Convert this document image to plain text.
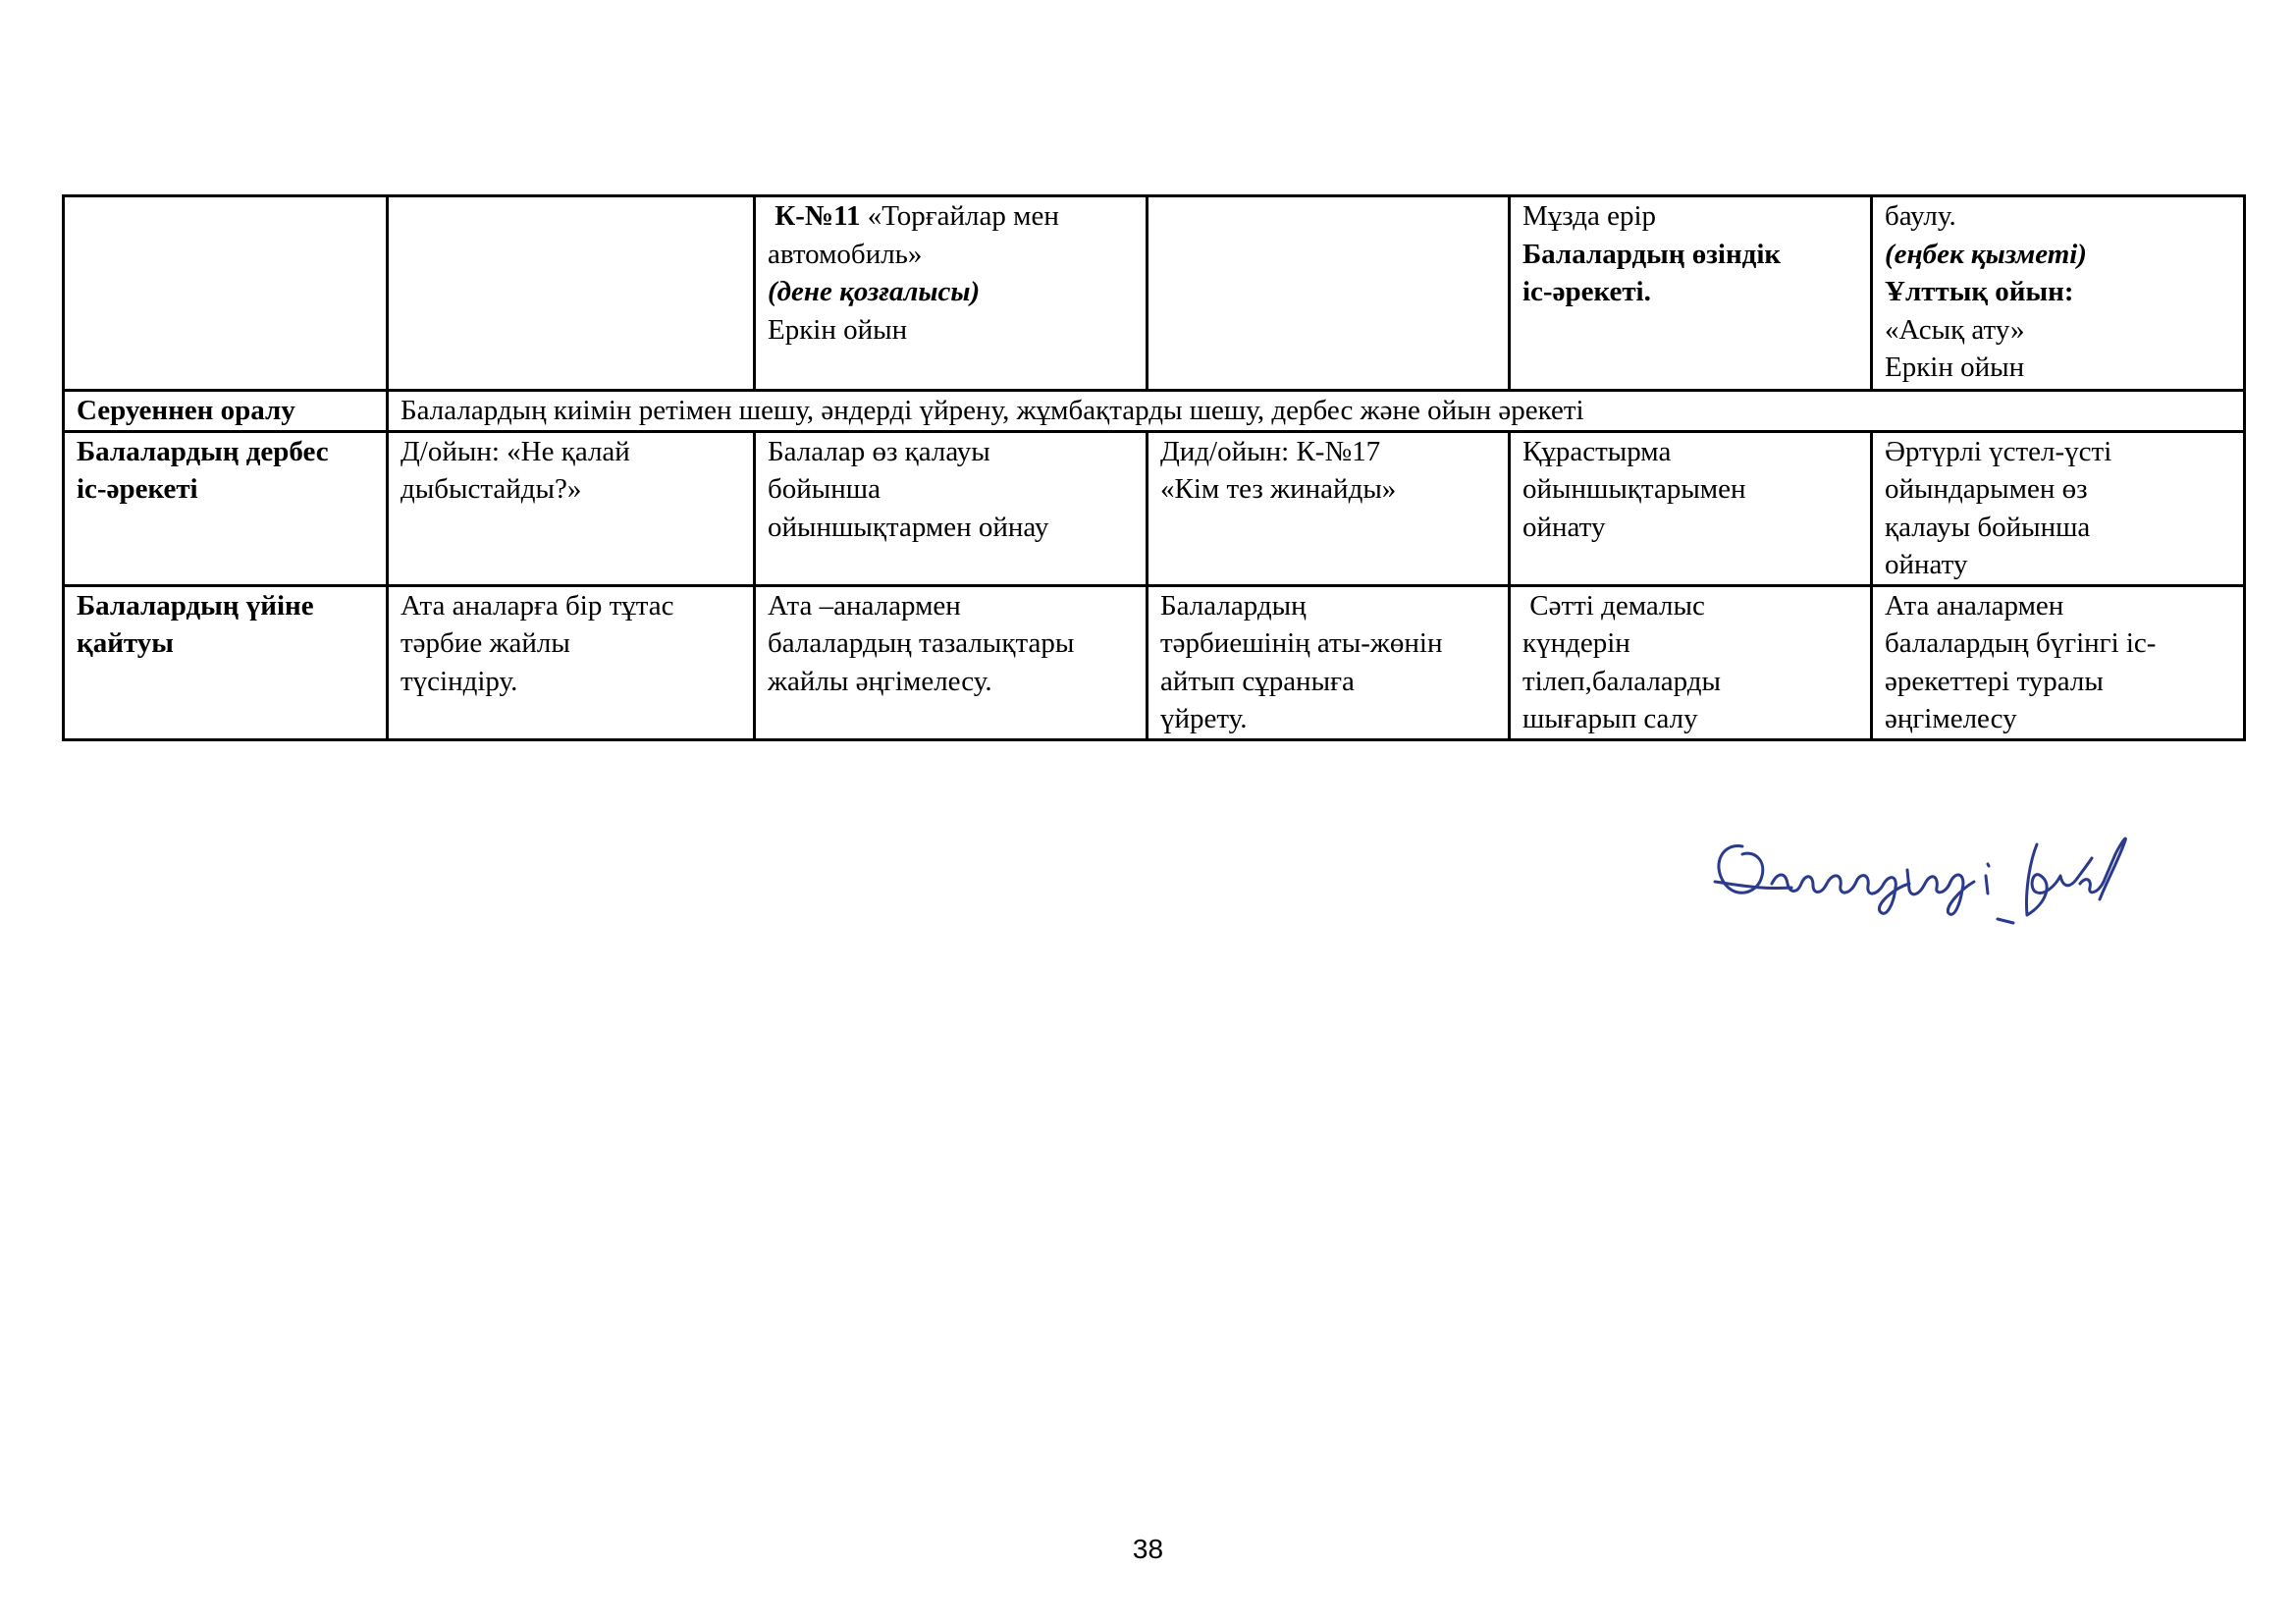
		К-№11 «Торғайлар мен
автомобиль»
(дене қозғалысы)
Еркін ойын		Мұзда ерір
Балалардың өзіндік
іс-әрекеті.	баулу.
(еңбек қызметі)
Ұлттық ойын:
«Асық ату»
Еркін ойын

Серуеннен оралу	Балалардың киімін ретімен шешу, әндерді үйрену, жұмбақтарды шешу, дербес және ойын әрекеті				

Балалардың дербес
іс-әрекеті	Д/ойын: «Не қалай
дыбыстайды?»	Балалар өз қалауы
бойынша
ойыншықтармен ойнау	Дид/ойын: К-№17
«Кім тез жинайды»	Құрастырма
ойыншықтарымен
ойнату	Әртүрлі үстел-үсті
ойындарымен өз
қалауы бойынша
ойнату

Балалардың үйіне
қайтуы	Ата аналарға бір тұтас
тәрбие жайлы
түсіндіру.	Ата –аналармен
балалардың тазалықтары
жайлы әңгімелесу.	Балалардың
тәрбиешінің аты-жөнін
айтып сұранығa
үйрету.	Сәтті демалыс
күндерін
тілеп,балаларды
шығарып салу	Ата аналармен
балалардың бүгінгі іс-
әрекеттері туралы
әңгімелесу
38
